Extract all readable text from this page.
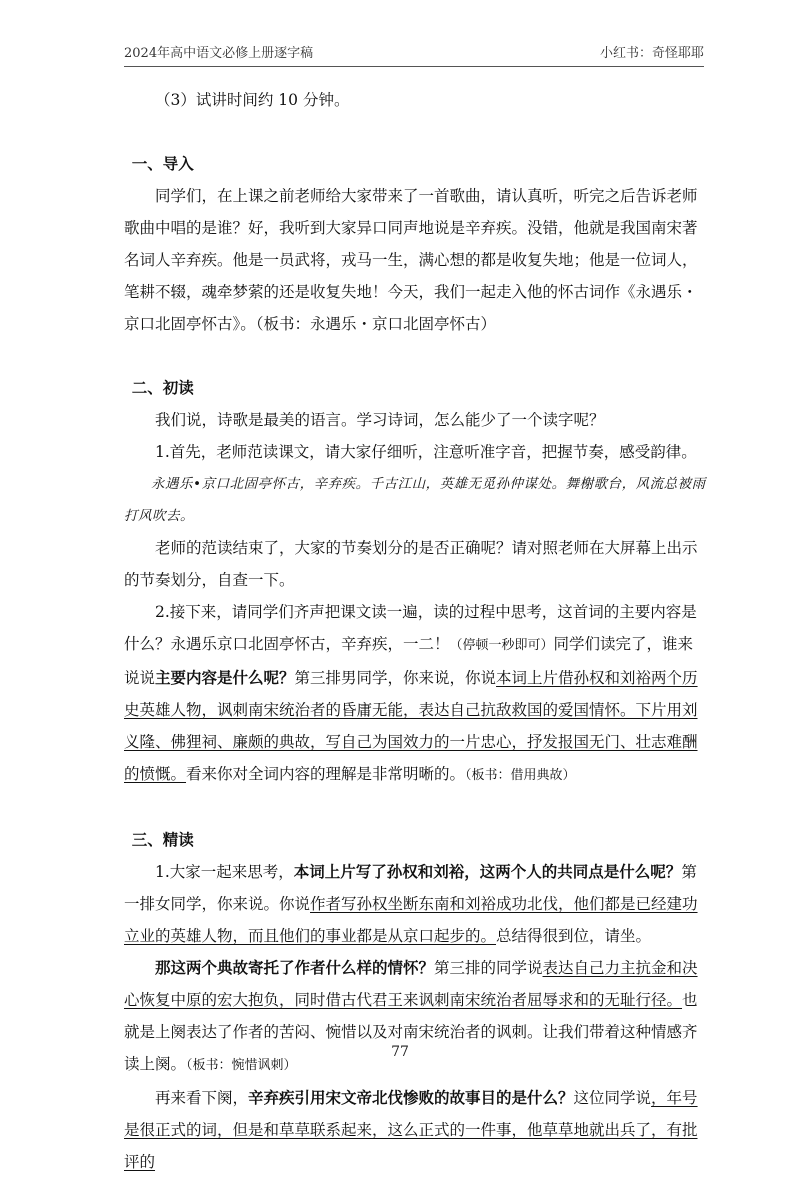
2024年高中语文必修上册逐字稿	小红书：奇怪耶耶

（3）试讲时间约 10 分钟。

一、导入

同学们，在上课之前老师给大家带来了一首歌曲，请认真听，听完之后告诉老师歌曲中唱的是谁？好，我听到大家异口同声地说是辛弃疾。没错，他就是我国南宋著名词人辛弃疾。他是一员武将，戎马一生，满心想的都是收复失地；他是一位词人，笔耕不辍，魂牵梦萦的还是收复失地！今天，我们一起走入他的怀古词作《永遇乐・京口北固亭怀古》。（板书：永遇乐・京口北固亭怀古）

二、初读

我们说，诗歌是最美的语言。学习诗词，怎么能少了一个读字呢？

1.首先，老师范读课文，请大家仔细听，注意听准字音，把握节奏，感受韵律。

永遇乐•京口北固亭怀古，辛弃疾。千古江山，英雄无觅孙仲谋处。舞榭歌台，风流总被雨打风吹去。

老师的范读结束了，大家的节奏划分的是否正确呢？请对照老师在大屏幕上出示的节奏划分，自查一下。

2.接下来，请同学们齐声把课文读一遍，读的过程中思考，这首词的主要内容是什么？永遇乐京口北固亭怀古，辛弃疾，一二！（停顿一秒即可）同学们读完了，谁来说说主要内容是什么呢？第三排男同学，你来说，你说本词上片借孙权和刘裕两个历史英雄人物，讽刺南宋统治者的昏庸无能，表达自己抗敌救国的爱国情怀。下片用刘义隆、佛狸祠、廉颇的典故，写自己为国效力的一片忠心，抒发报国无门、壮志难酬的愤慨。看来你对全词内容的理解是非常明晰的。（板书：借用典故）

三、精读

1.大家一起来思考，本词上片写了孙权和刘裕，这两个人的共同点是什么呢？第一排女同学，你来说。你说作者写孙权坐断东南和刘裕成功北伐，他们都是已经建功立业的英雄人物，而且他们的事业都是从京口起步的。总结得很到位，请坐。

那这两个典故寄托了作者什么样的情怀？第三排的同学说表达自己力主抗金和决心恢复中原的宏大抱负，同时借古代君王来讽刺南宋统治者屈辱求和的无耻行径。也就是上阕表达了作者的苦闷、惋惜以及对南宋统治者的讽刺。让我们带着这种情感齐读上阕。（板书：惋惜讽刺）

再来看下阕，辛弃疾引用宋文帝北伐惨败的故事目的是什么？这位同学说，年号是很正式的词，但是和草草联系起来，这么正式的一件事，他草草地就出兵了，有批评的

77
